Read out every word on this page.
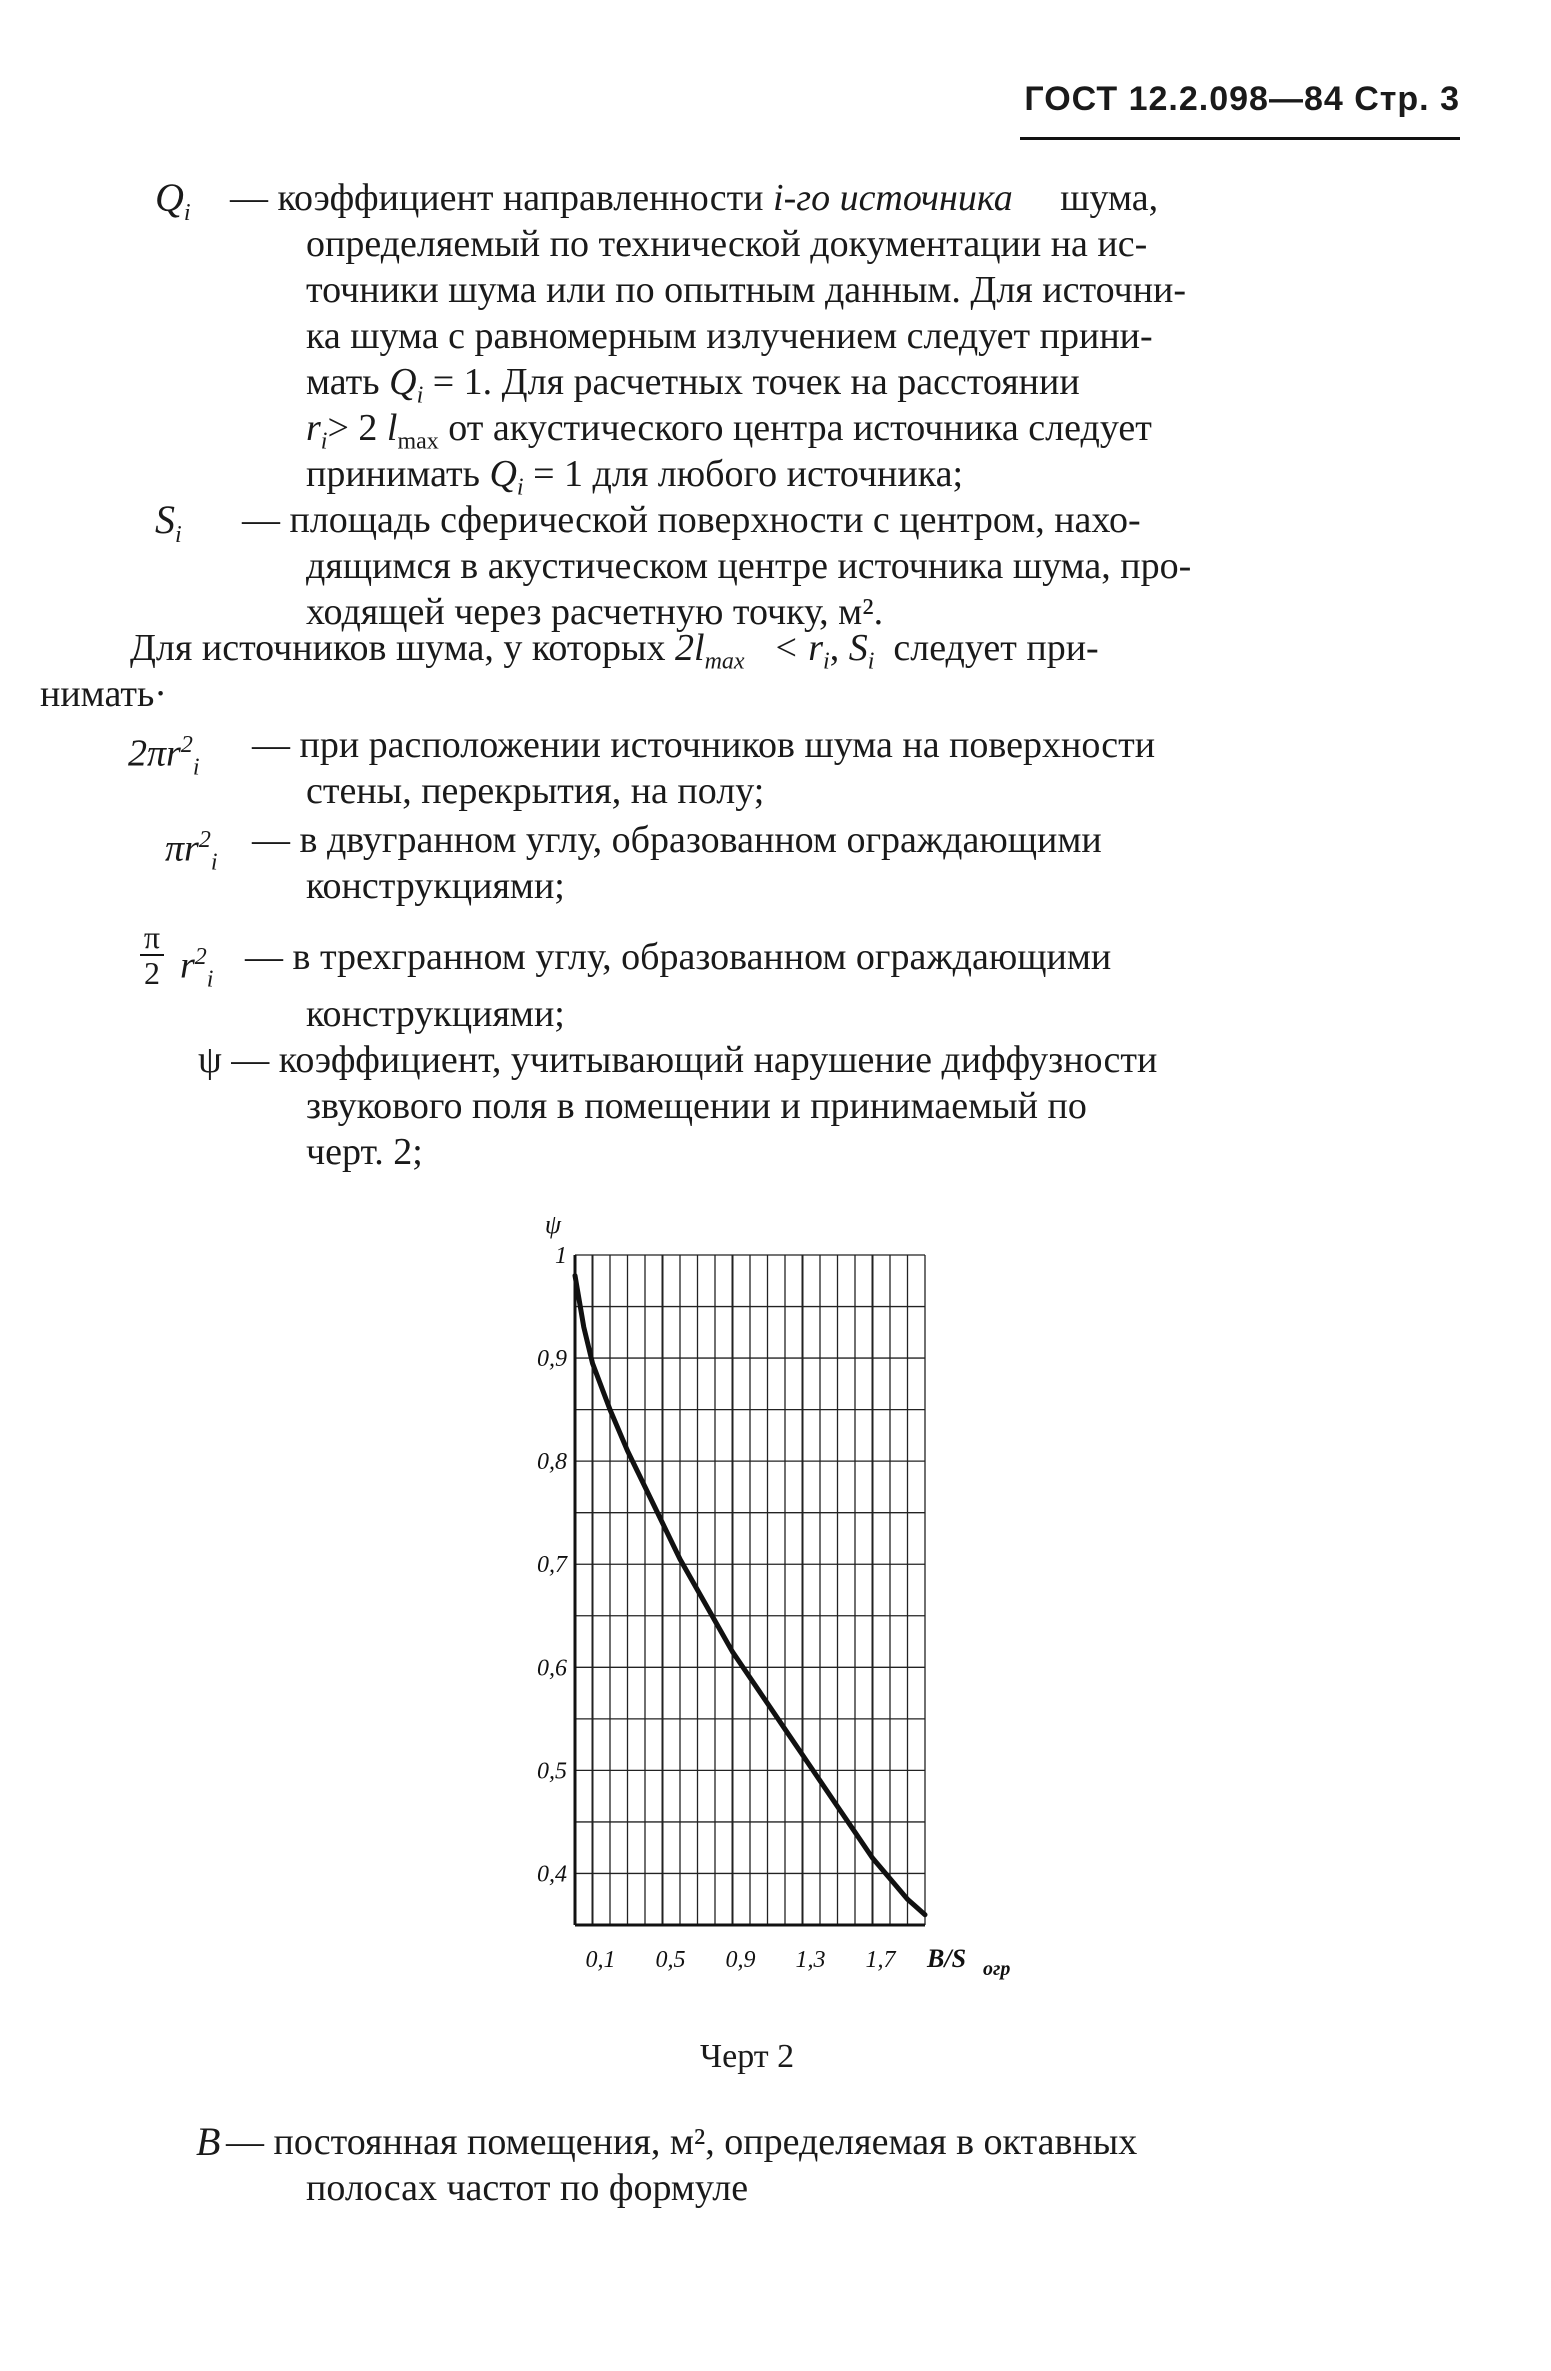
ГОСТ 12.2.098—84 Стр. 3
$Q_i$ — коэффициент направленности i-го источника шума,
определяемый по технической документации на ис-
точники шума или по опытным данным. Для источни-
ка шума с равномерным излучением следует прини-
мать $Q_i = 1$. Для расчетных точек на расстоянии
$r_i> 2$ $l_{max}$ от акустического центра источника следует
принимать $Q_i = 1$ для любого источника;
$S_i$ — площадь сферической поверхности с центром, нахо-
дящимся в акустическом центре источника шума, про-
ходящей через расчетную точку, м².
Для источников шума, у которых $2l_{max} < r_i$, $S_i$ следует при-
нимать·
$2\pi r^2_i$
— при расположении источников шума на поверхности
стены, перекрытия, на полу;
$\pi r^2_i$
— в двугранном углу, образованном ограждающими
конструкциями;
π
2 $r^2_i$
— в трехгранном углу, образованном ограждающими
конструкциями;
ψ — коэффициент, учитывающий нарушение диффузности
звукового поля в помещении и принимаемый по
черт. 2;
1
0,9
0,8
0,7
0,6
0,5
0,4
0,1 0,5 0,9 1,3 1,7
ψ
B/S огр
Черт 2
B — постоянная помещения, м², определяемая в октавных
полосах частот по формуле
